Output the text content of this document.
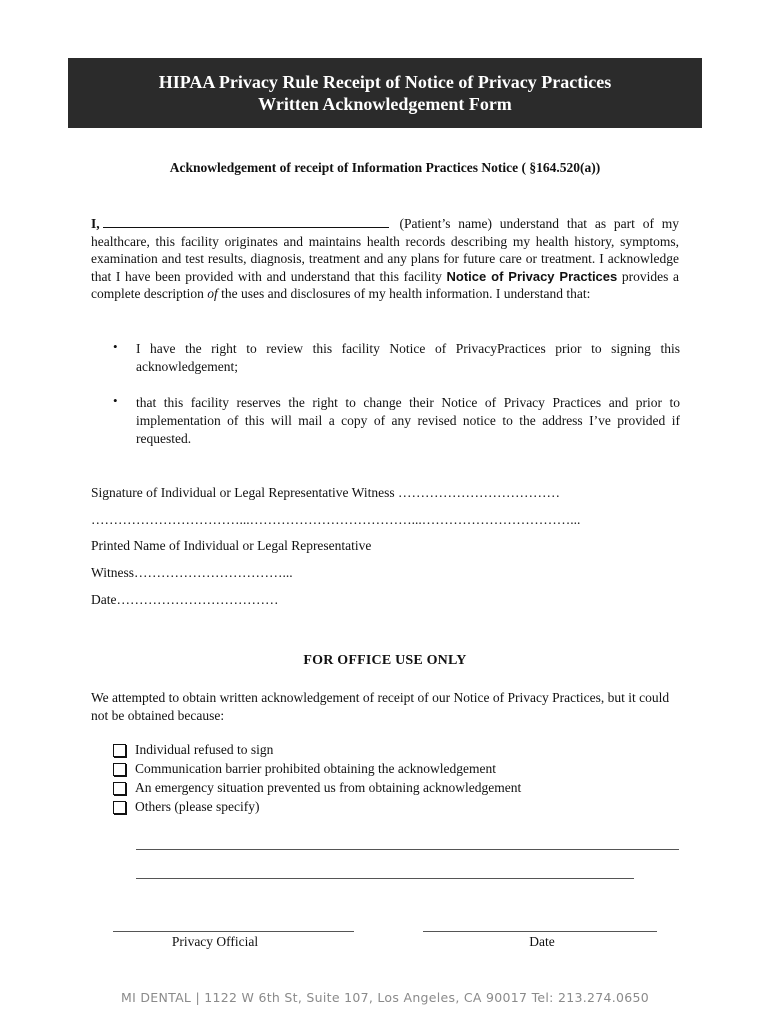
HIPAA Privacy Rule Receipt of Notice of Privacy Practices
Written Acknowledgement Form
Acknowledgement of receipt of Information Practices Notice ( §164.520(a))
I,	(Patient’s name) understand that as part of my healthcare, this facility originates and maintains health records describing my health history, symptoms, examination and test results, diagnosis, treatment and any plans for future care or treatment. I acknowledge that I have been provided with and understand that this facility Notice of Privacy Practices provides a complete description of the uses and disclosures of my health information. I understand that:
• I have the right to review this facility Notice of PrivacyPractices prior to signing this acknowledgement;
• that this facility reserves the right to change their Notice of Privacy Practices and prior to implementation of this will mail a copy of any revised notice to the address I’ve provided if requested.
Signature of Individual or Legal Representative Witness ………………………………
……………………………...………………………………...……………………………...
Printed Name of Individual or Legal Representative
Witness……………………………...
Date………………………………
FOR OFFICE USE ONLY
We attempted to obtain written acknowledgement of receipt of our Notice of Privacy Practices, but it could not be obtained because:
Individual refused to sign
Communication barrier prohibited obtaining the acknowledgement
An emergency situation prevented us from obtaining acknowledgement
Others (please specify)
Privacy Official	Date
MI DENTAL | 1122 W 6th St, Suite 107, Los Angeles, CA 90017 Tel: 213.274.0650
